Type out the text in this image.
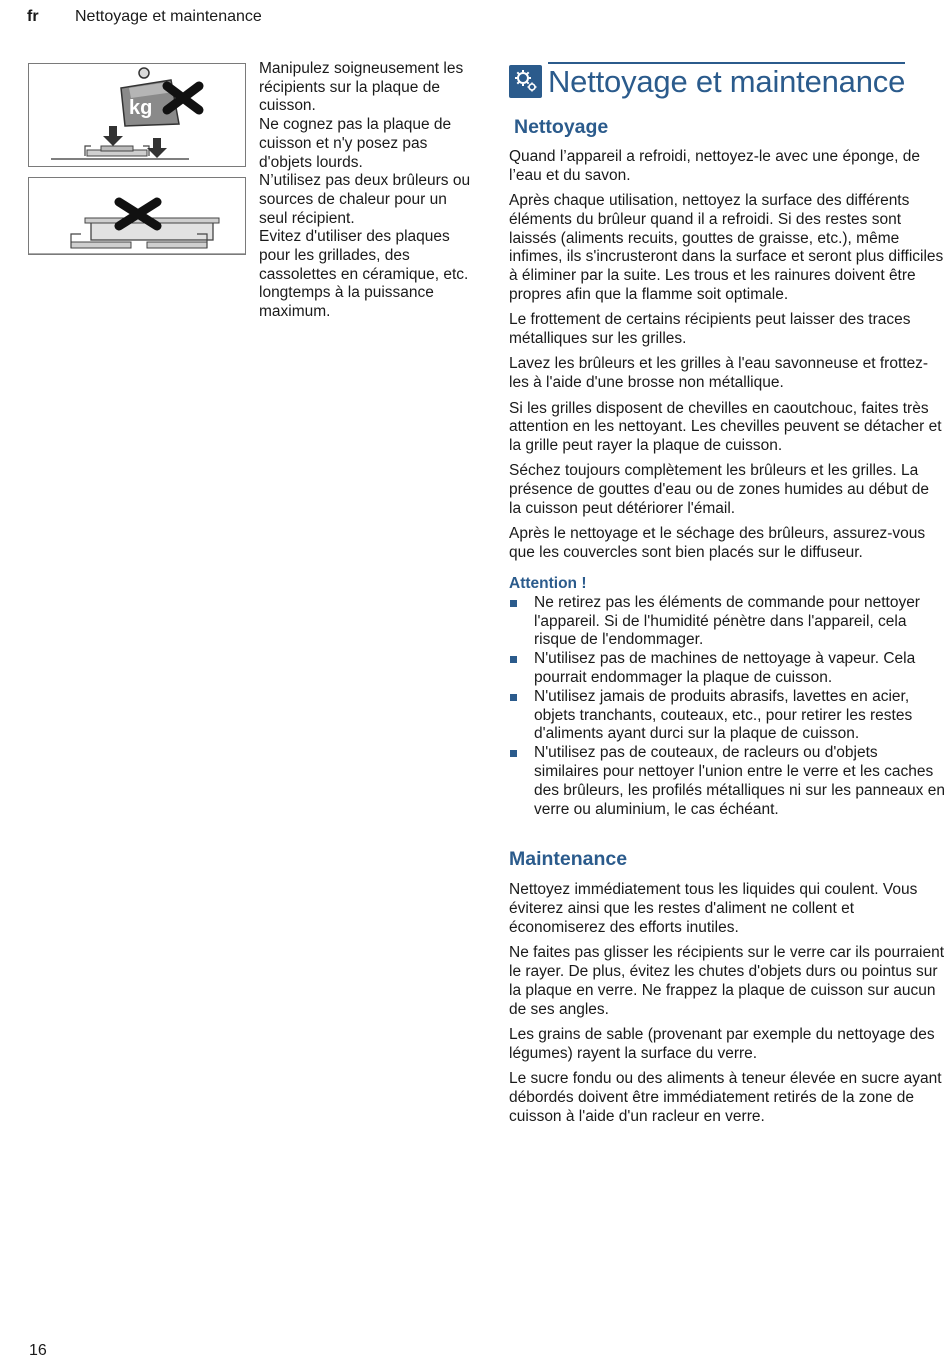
fr Nettoyage et maintenance
kg

Manipulez soigneusement les récipients sur la plaque de cuisson.

Ne cognez pas la plaque de cuisson et n'y posez pas d'objets lourds.

N’utilisez pas deux brûleurs ou sources de chaleur pour un seul récipient.

Evitez d'utiliser des plaques pour les grillades, des cassolettes en céramique, etc. longtemps à la puissance maximum.

Nettoyage et maintenance
Nettoyage

Quand l’appareil a refroidi, nettoyez-le avec une éponge, de l’eau et du savon.

Après chaque utilisation, nettoyez la surface des différents éléments du brûleur quand il a refroidi. Si des restes sont laissés (aliments recuits, gouttes de graisse, etc.), même infimes, ils s'incrusteront dans la surface et seront plus difficiles à éliminer par la suite. Les trous et les rainures doivent être propres afin que la flamme soit optimale.

Le frottement de certains récipients peut laisser des traces métalliques sur les grilles.

Lavez les brûleurs et les grilles à l'eau savonneuse et frottez-les à l'aide d'une brosse non métallique.

Si les grilles disposent de chevilles en caoutchouc, faites très attention en les nettoyant. Les chevilles peuvent se détacher et la grille peut rayer la plaque de cuisson.

Séchez toujours complètement les brûleurs et les grilles. La présence de gouttes d'eau ou de zones humides au début de la cuisson peut détériorer l'émail.

Après le nettoyage et le séchage des brûleurs, assurez-vous que les couvercles sont bien placés sur le diffuseur.

Attention !
Ne retirez pas les éléments de commande pour nettoyer l'appareil. Si de l'humidité pénètre dans l'appareil, cela risque de l'endommager.
N'utilisez pas de machines de nettoyage à vapeur. Cela pourrait endommager la plaque de cuisson.
N'utilisez jamais de produits abrasifs, lavettes en acier, objets tranchants, couteaux, etc., pour retirer les restes d'aliments ayant durci sur la plaque de cuisson.
N'utilisez pas de couteaux, de racleurs ou d'objets similaires pour nettoyer l'union entre le verre et les caches des brûleurs, les profilés métalliques ni sur les panneaux en verre ou aluminium, le cas échéant.
Maintenance

Nettoyez immédiatement tous les liquides qui coulent. Vous éviterez ainsi que les restes d'aliment ne collent et économiserez des efforts inutiles.

Ne faites pas glisser les récipients sur le verre car ils pourraient le rayer. De plus, évitez les chutes d'objets durs ou pointus sur la plaque en verre. Ne frappez la plaque de cuisson sur aucun de ses angles.

Les grains de sable (provenant par exemple du nettoyage des légumes) rayent la surface du verre.

Le sucre fondu ou des aliments à teneur élevée en sucre ayant débordés doivent être immédiatement retirés de la zone de cuisson à l'aide d'un racleur en verre.

16
